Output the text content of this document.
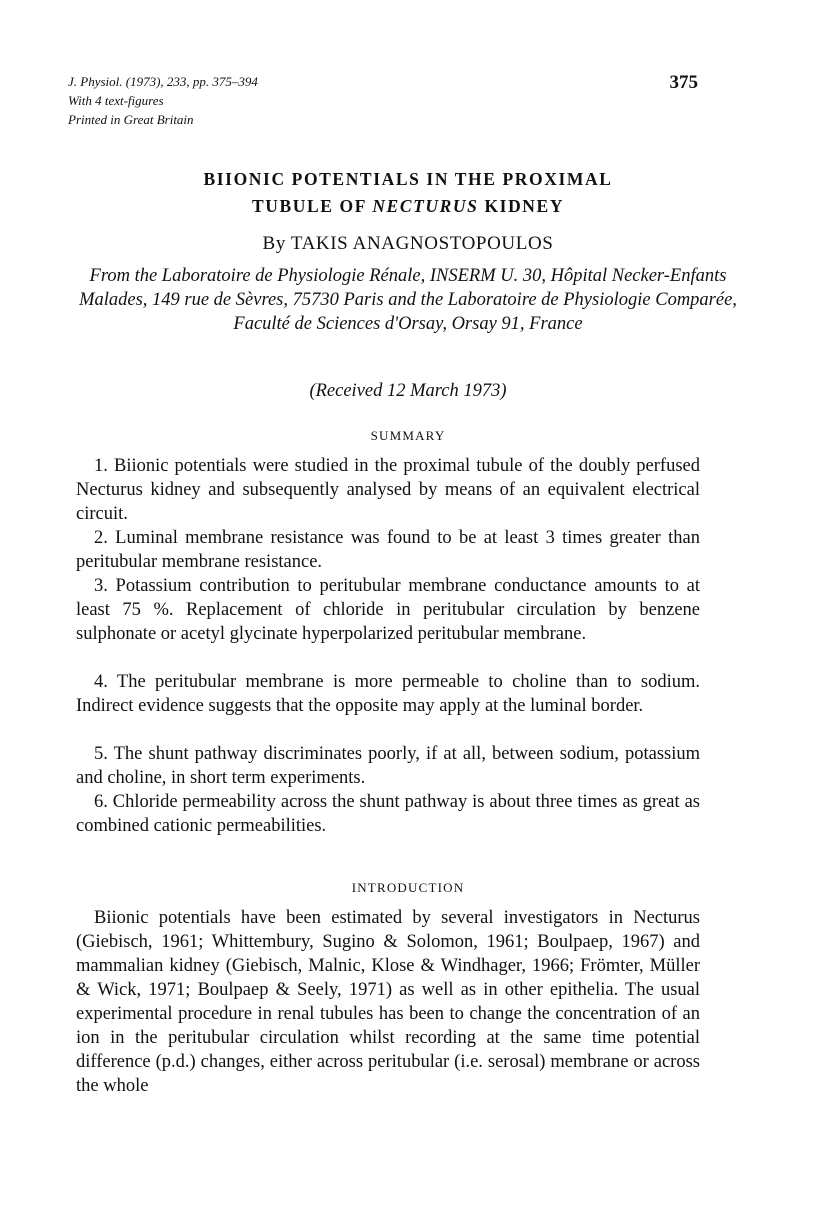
J. Physiol. (1973), 233, pp. 375–394
With 4 text-figures
Printed in Great Britain
375
BIIONIC POTENTIALS IN THE PROXIMAL
TUBULE OF NECTURUS KIDNEY
By TAKIS ANAGNOSTOPOULOS
From the Laboratoire de Physiologie Rénale, INSERM U. 30, Hôpital Necker-Enfants Malades, 149 rue de Sèvres, 75730 Paris and the Laboratoire de Physiologie Comparée, Faculté de Sciences d'Orsay, Orsay 91, France
(Received 12 March 1973)
SUMMARY

1. Biionic potentials were studied in the proximal tubule of the doubly perfused Necturus kidney and subsequently analysed by means of an equivalent electrical circuit.

2. Luminal membrane resistance was found to be at least 3 times greater than peritubular membrane resistance.

3. Potassium contribution to peritubular membrane conductance amounts to at least 75 %. Replacement of chloride in peritubular circulation by benzene sulphonate or acetyl glycinate hyperpolarized peritubular membrane.

4. The peritubular membrane is more permeable to choline than to sodium. Indirect evidence suggests that the opposite may apply at the luminal border.

5. The shunt pathway discriminates poorly, if at all, between sodium, potassium and choline, in short term experiments.

6. Chloride permeability across the shunt pathway is about three times as great as combined cationic permeabilities.

INTRODUCTION

Biionic potentials have been estimated by several investigators in Necturus (Giebisch, 1961; Whittembury, Sugino & Solomon, 1961; Boulpaep, 1967) and mammalian kidney (Giebisch, Malnic, Klose & Windhager, 1966; Frömter, Müller & Wick, 1971; Boulpaep & Seely, 1971) as well as in other epithelia. The usual experimental procedure in renal tubules has been to change the concentration of an ion in the peritubular circulation whilst recording at the same time potential difference (p.d.) changes, either across peritubular (i.e. serosal) membrane or across the whole
